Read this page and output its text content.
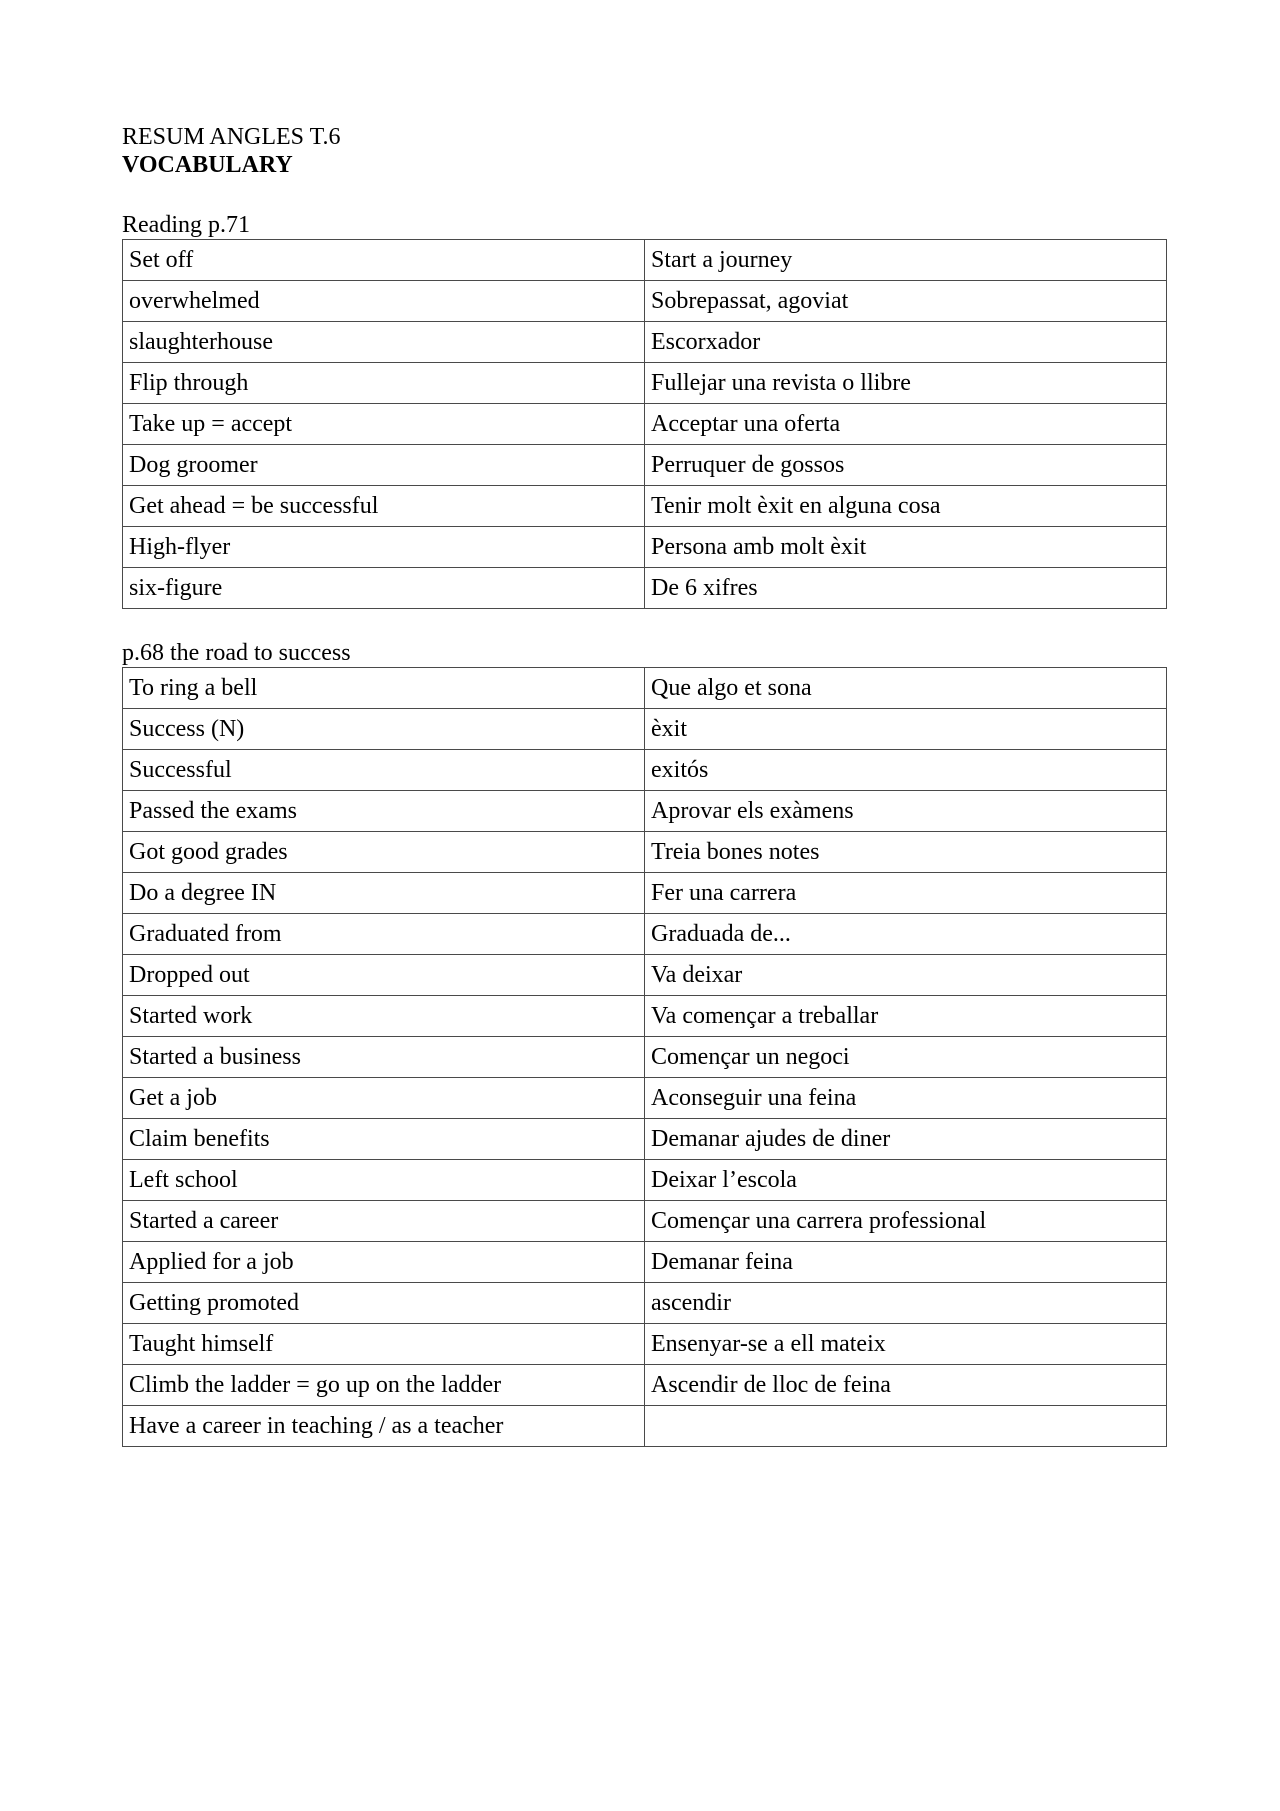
RESUM ANGLES T.6

VOCABULARY

Reading p.71

Set off	Start a journey
overwhelmed	Sobrepassat, agoviat
slaughterhouse	Escorxador
Flip through	Fullejar una revista o llibre
Take up = accept	Acceptar una oferta
Dog groomer	Perruquer de gossos
Get ahead = be successful	Tenir molt èxit en alguna cosa
High-flyer	Persona amb molt èxit
six-figure	De 6 xifres

p.68 the road to success

To ring a bell	Que algo et sona
Success (N)	èxit
Successful	exitós
Passed the exams	Aprovar els exàmens
Got good grades	Treia bones notes
Do a degree IN	Fer una carrera
Graduated from	Graduada de...
Dropped out	Va deixar
Started work	Va començar a treballar
Started a business	Començar un negoci
Get a job	Aconseguir una feina
Claim benefits	Demanar ajudes de diner
Left school	Deixar l’escola
Started a career	Començar una carrera professional
Applied for a job	Demanar feina
Getting promoted	ascendir
Taught himself	Ensenyar-se a ell mateix
Climb the ladder = go up on the ladder	Ascendir de lloc de feina
Have a career in teaching / as a teacher	
